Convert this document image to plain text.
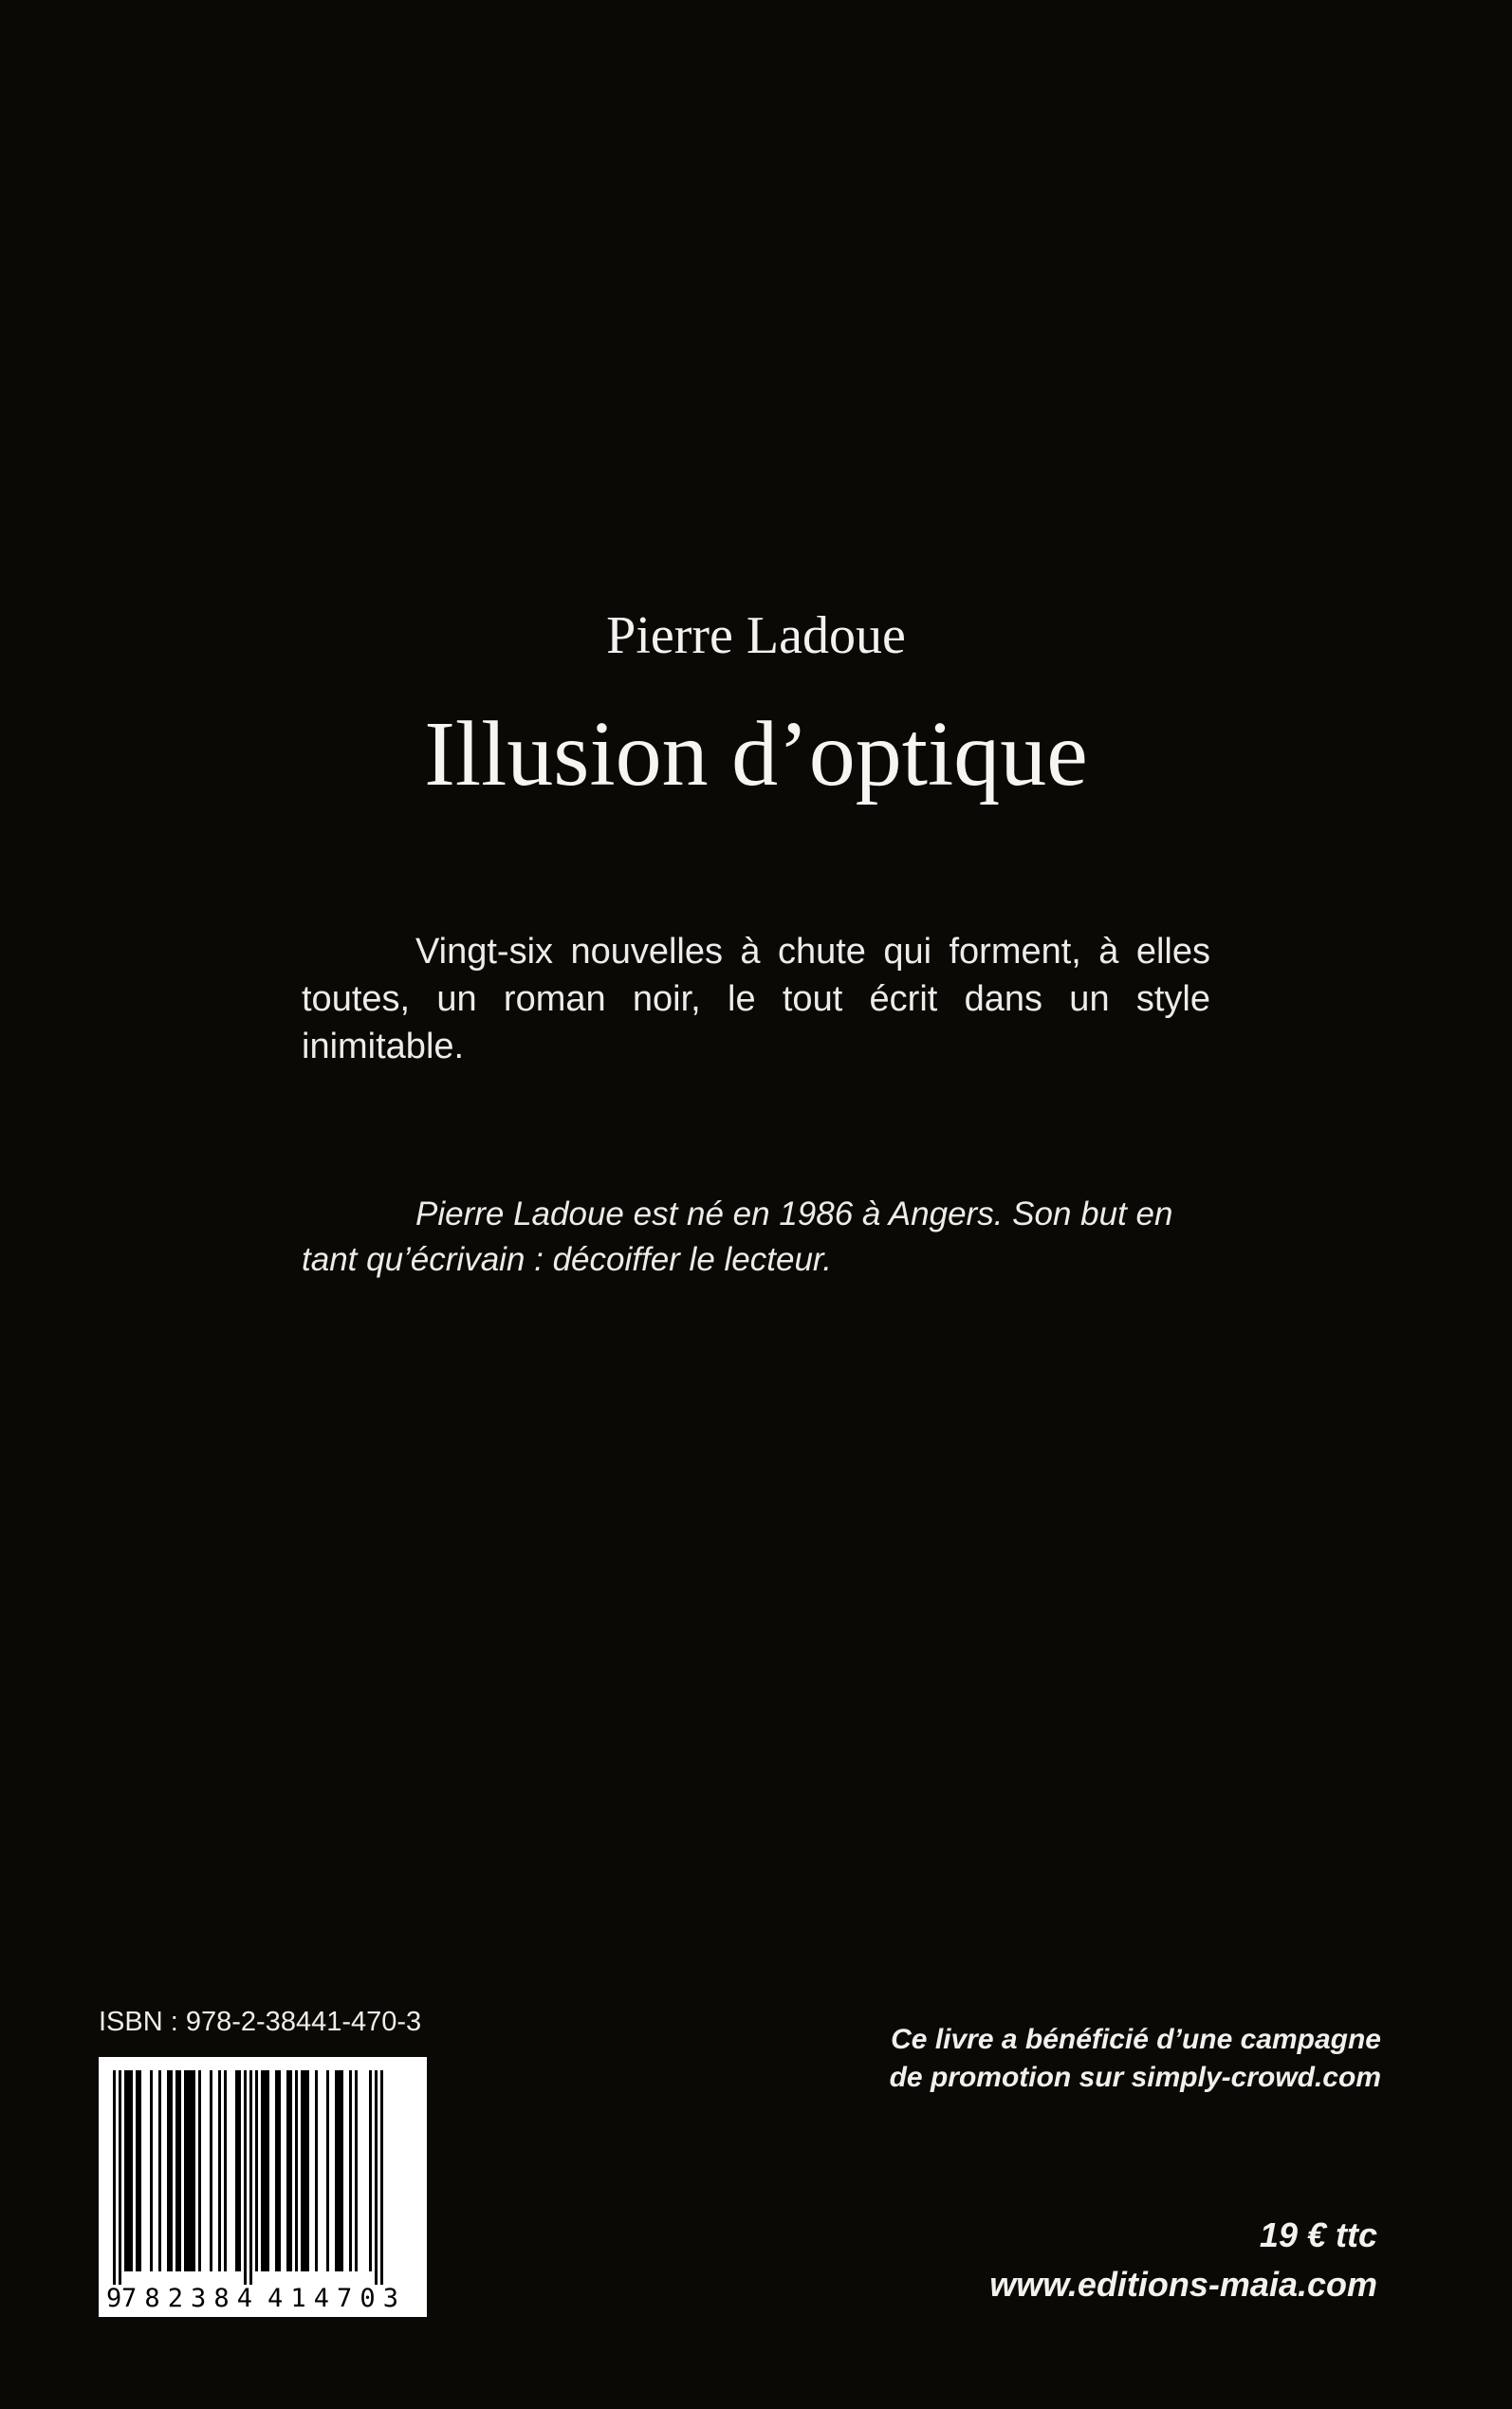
Pierre Ladoue
Illusion d’optique

Vingt-six nouvelles à chute qui forment, à elles toutes, un roman noir, le tout écrit dans un style inimitable.

Pierre Ladoue est né en 1986 à Angers. Son but en tant qu’écrivain : décoiffer le lecteur.

ISBN : 978-2-38441-470-3
9 782384 414703
Ce livre a bénéficié d’une campagne
de promotion sur simply-crowd.com
19 € ttc
www.editions-maia.com
